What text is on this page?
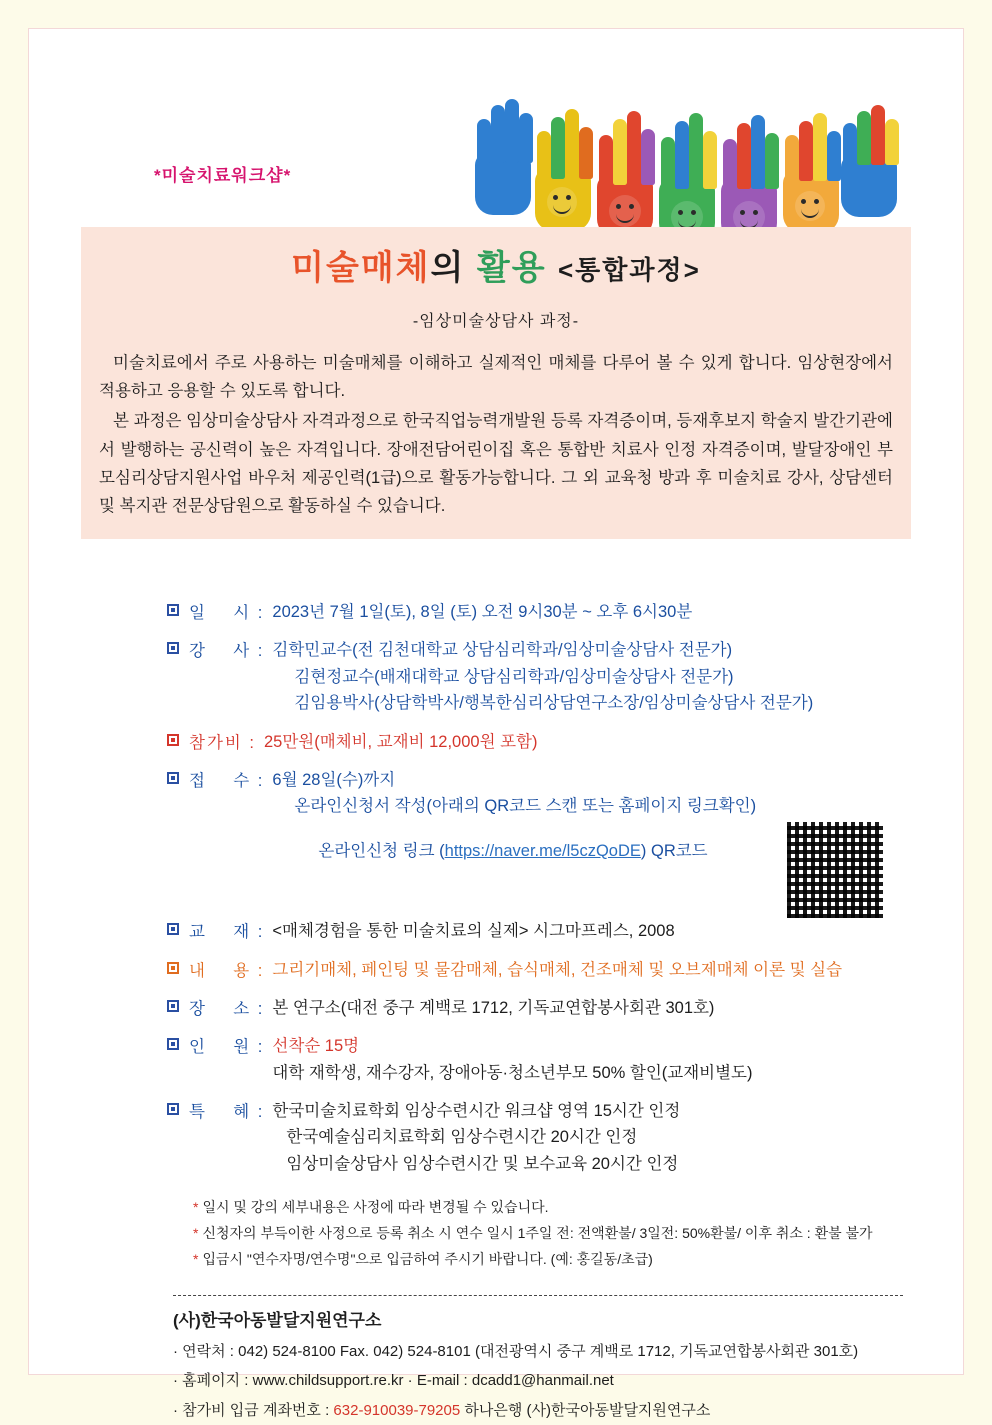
*미술치료워크샵*
미술매체의 활용 <통합과정>
-임상미술상담사 과정-

미술치료에서 주로 사용하는 미술매체를 이해하고 실제적인 매체를 다루어 볼 수 있게 합니다. 임상현장에서 적용하고 응용할 수 있도록 합니다.

본 과정은 임상미술상담사 자격과정으로 한국직업능력개발원 등록 자격증이며, 등재후보지 학술지 발간기관에서 발행하는 공신력이 높은 자격입니다. 장애전담어린이집 혹은 통합반 치료사 인정 자격증이며, 발달장애인 부모심리상담지원사업 바우처 제공인력(1급)으로 활동가능합니다. 그 외 교육청 방과 후 미술치료 강사, 상담센터 및 복지관 전문상담원으로 활동하실 수 있습니다.

일    시 : 2023년 7월 1일(토), 8일 (토) 오전 9시30분 ~ 오후 6시30분
강    사 : 김학민교수(전 김천대학교 상담심리학과/임상미술상담사 전문가)
김현정교수(배재대학교 상담심리학과/임상미술상담사 전문가)
김임용박사(상담학박사/행복한심리상담연구소장/임상미술상담사 전문가)
참가비 : 25만원(매체비, 교재비 12,000원 포함)
접    수 : 6월 28일(수)까지
온라인신청서 작성(아래의 QR코드 스캔 또는 홈페이지 링크확인)
온라인신청 링크 (https://naver.me/l5czQoDE) QR코드
교    재 : <매체경험을 통한 미술치료의 실제> 시그마프레스, 2008
내    용 : 그리기매체, 페인팅 및 물감매체, 습식매체, 건조매체 및 오브제매체 이론 및 실습
장    소 : 본 연구소(대전 중구 계백로 1712, 기독교연합봉사회관 301호)
인    원 : 선착순 15명
대학 재학생, 재수강자, 장애아동·청소년부모 50% 할인(교재비별도)
특    혜 : 한국미술치료학회 임상수련시간 워크샵 영역 15시간 인정
한국예술심리치료학회 임상수련시간 20시간 인정
임상미술상담사 임상수련시간 및 보수교육 20시간 인정
* 일시 및 강의 세부내용은 사정에 따라 변경될 수 있습니다.
* 신청자의 부득이한 사정으로 등록 취소 시 연수 일시 1주일 전: 전액환불/ 3일전: 50%환불/ 이후 취소 : 환불 불가
* 입금시 "연수자명/연수명"으로 입금하여 주시기 바랍니다. (예: 홍길동/초급)
(사)한국아동발달지원연구소
· 연락처 : 042) 524-8100 Fax. 042) 524-8101 (대전광역시 중구 계백로 1712, 기독교연합봉사회관 301호)
· 홈페이지 : www.childsupport.re.kr · E-mail : dcadd1@hanmail.net
· 참가비 입금 계좌번호 : 632-910039-79205 하나은행 (사)한국아동발달지원연구소
